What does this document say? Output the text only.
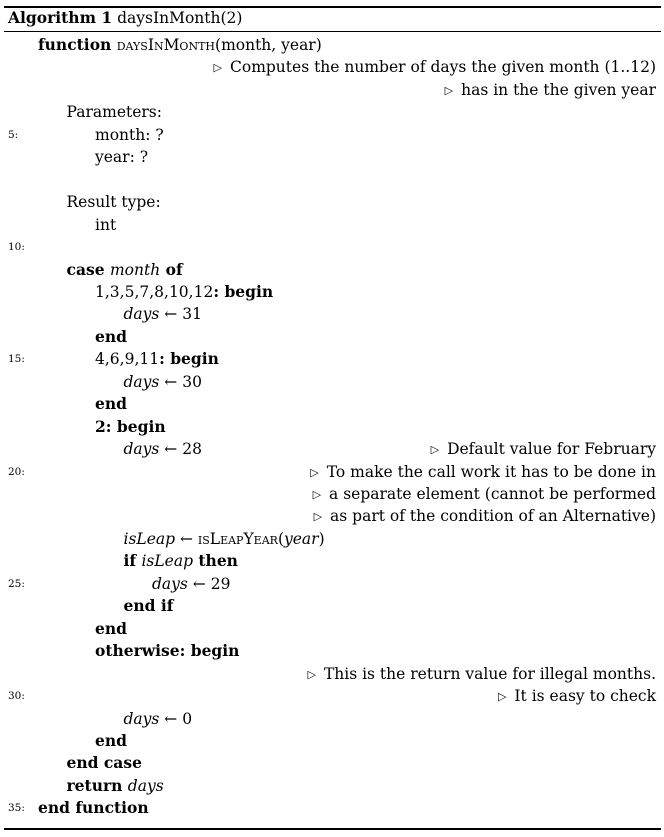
Algorithm 1 daysInMonth(2)
function daysInMonth(month, year)
▷ Computes the number of days the given month (1..12)
▷ has in the the given year
Parameters:
5:	month: ?
year: ?
Result type:
int
10:
case month of
1,3,5,7,8,10,12: begin
days ← 31
end
15:	4,6,9,11: begin
days ← 30
end
2: begin
days ← 28	▷ Default value for February
20:	▷ To make the call work it has to be done in
▷ a separate element (cannot be performed
▷ as part of the condition of an Alternative)
isLeap ← isLeapYear(year)
if isLeap then
25:	days ← 29
end if
end
otherwise: begin
▷ This is the return value for illegal months.
30:	▷ It is easy to check
days ← 0
end
end case
return days
35: end function
